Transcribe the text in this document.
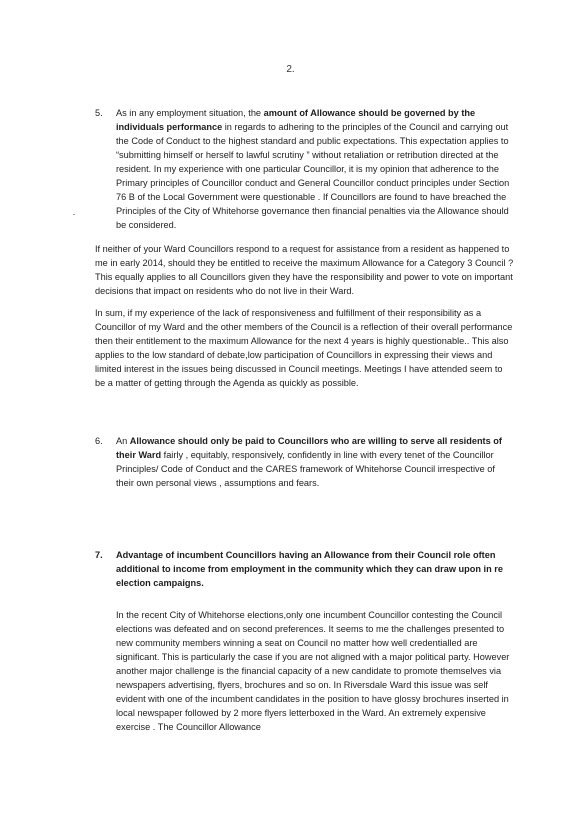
2.
5. As in any employment situation, the amount of Allowance should be governed by the individuals performance in regards to adhering to the principles of the Council and carrying out the Code of Conduct to the highest standard and public expectations. This expectation applies to “submitting himself or herself to lawful scrutiny ” without retaliation or retribution directed at the resident. In my experience with one particular Councillor, it is my opinion that adherence to the Primary principles of Councillor conduct and General Councillor conduct principles under Section 76 B of the Local Government were questionable . If Councillors are found to have breached the Principles of the City of Whitehorse governance then financial penalties via the Allowance should be considered.

If neither of your Ward Councillors respond to a request for assistance from a resident as happened to me in early 2014, should they be entitled to receive the maximum Allowance for a Category 3 Council ? This equally applies to all Councillors given they have the responsibility and power to vote on important decisions that impact on residents who do not live in their Ward.

In sum, if my experience of the lack of responsiveness and fulfillment of their responsibility as a Councillor of my Ward and the other members of the Council is a reflection of their overall performance then their entitlement to the maximum Allowance for the next 4 years is highly questionable.. This also applies to the low standard of debate,low participation of Councillors in expressing their views and limited interest in the issues being discussed in Council meetings. Meetings I have attended seem to be a matter of getting through the Agenda as quickly as possible.

6. An Allowance should only be paid to Councillors who are willing to serve all residents of their Ward fairly , equitably, responsively, confidently in line with every tenet of the Councillor Principles/ Code of Conduct and the CARES framework of Whitehorse Council irrespective of their own personal views , assumptions and fears.

7. Advantage of incumbent Councillors having an Allowance from their Council role often additional to income from employment in the community which they can draw upon in re election campaigns.

In the recent City of Whitehorse elections,only one incumbent Councillor contesting the Council elections was defeated and on second preferences. It seems to me the challenges presented to new community members winning a seat on Council no matter how well credentialled are significant. This is particularly the case if you are not aligned with a major political party. However another major challenge is the financial capacity of a new candidate to promote themselves via newspapers advertising, flyers, brochures and so on. In Riversdale Ward this issue was self evident with one of the incumbent candidates in the position to have glossy brochures inserted in local newspaper followed by 2 more flyers letterboxed in the Ward. An extremely expensive exercise . The Councillor Allowance
